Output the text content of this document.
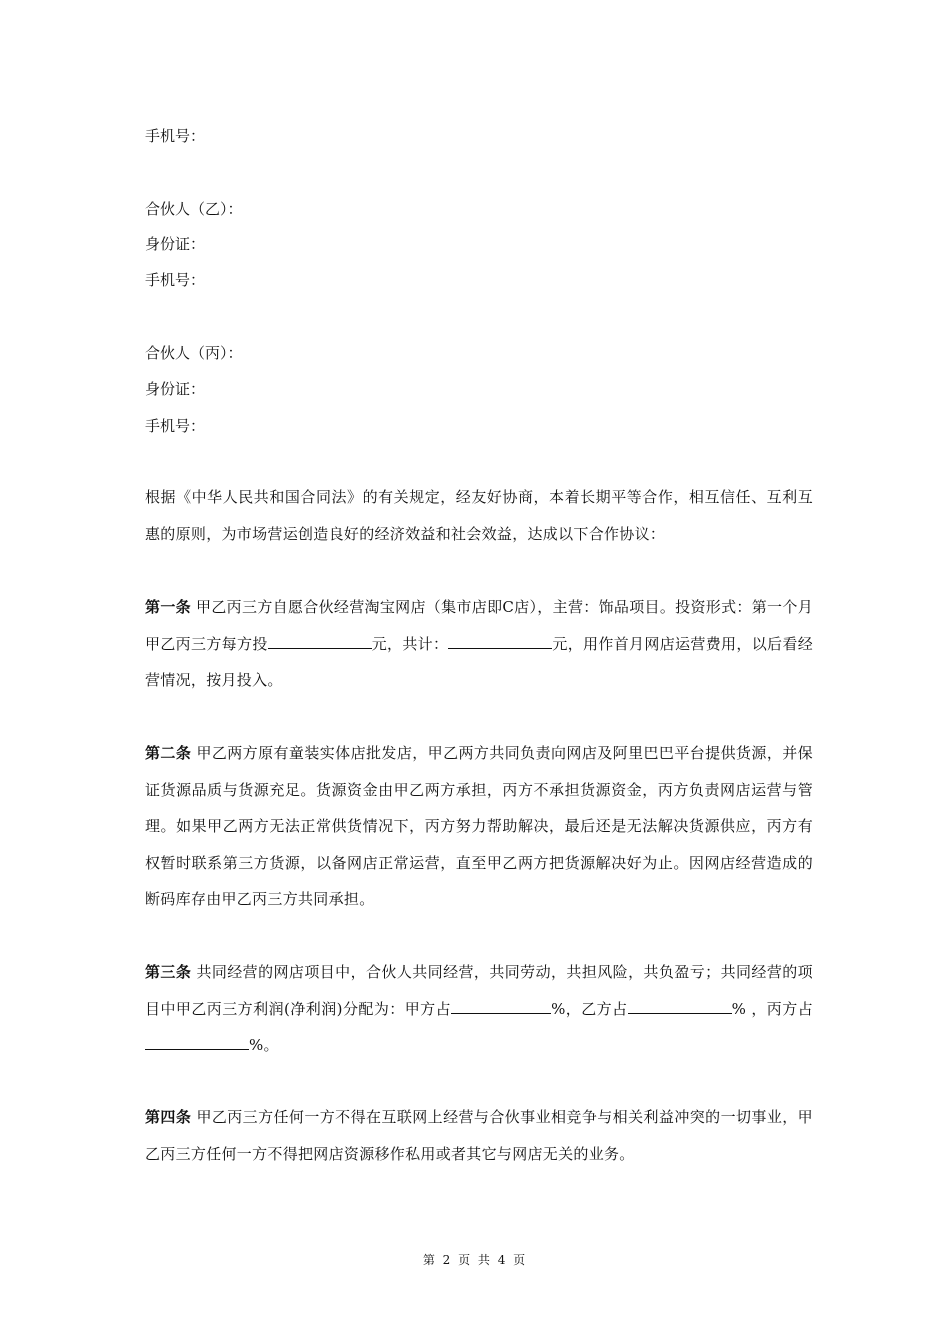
手机号：
合伙人（乙）：
身份证：
手机号：
合伙人（丙）：
身份证：
手机号：
根据《中华人民共和国合同法》的有关规定，经友好协商，本着长期平等合作，相互信任、互利互惠的原则，为市场营运创造良好的经济效益和社会效益，达成以下合作协议：
第一条 甲乙丙三方自愿合伙经营淘宝网店（集市店即C店），主营：饰品项目。投资形式：第一个月甲乙丙三方每方投	元，共计：	元，用作首月网店运营费用，以后看经营情况，按月投入。
第二条 甲乙两方原有童装实体店批发店，甲乙两方共同负责向网店及阿里巴巴平台提供货源，并保证货源品质与货源充足。货源资金由甲乙两方承担，丙方不承担货源资金，丙方负责网店运营与管理。如果甲乙两方无法正常供货情况下，丙方努力帮助解决，最后还是无法解决货源供应，丙方有权暂时联系第三方货源，以备网店正常运营，直至甲乙两方把货源解决好为止。因网店经营造成的断码库存由甲乙丙三方共同承担。
第三条 共同经营的网店项目中，合伙人共同经营，共同劳动，共担风险，共负盈亏；共同经营的项目中甲乙丙三方利润(净利润)分配为：甲方占	%，乙方占	% ，丙方占%。
第四条 甲乙丙三方任何一方不得在互联网上经营与合伙事业相竞争与相关利益冲突的一切事业，甲乙丙三方任何一方不得把网店资源移作私用或者其它与网店无关的业务。
第 2 页 共 4 页
